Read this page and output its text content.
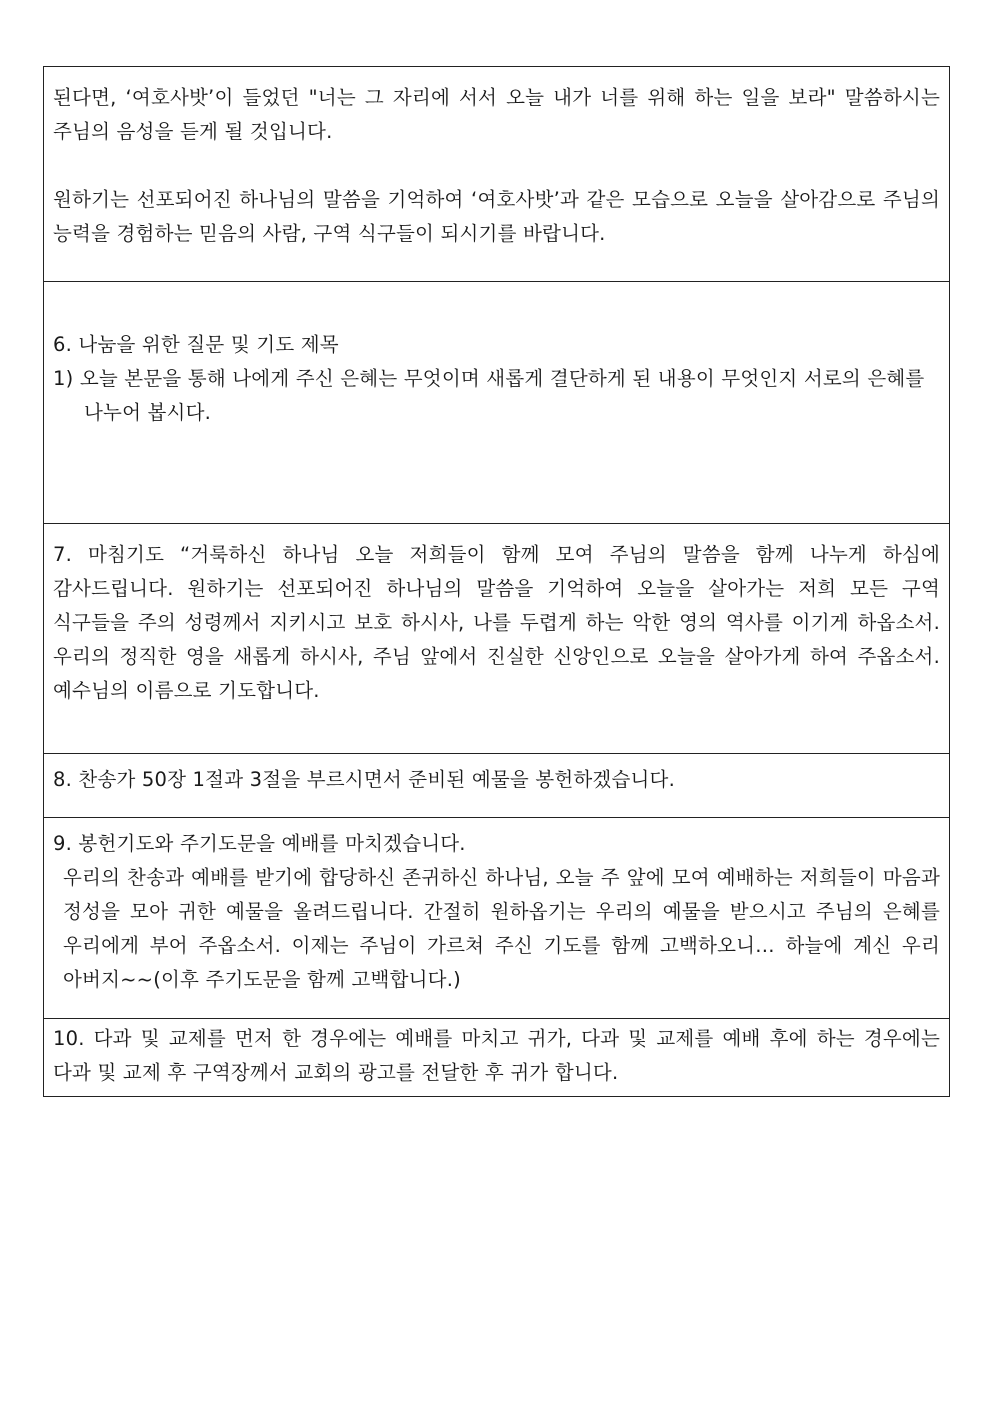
된다면, ‘여호사밧’이 들었던 "너는 그 자리에 서서 오늘 내가 너를 위해 하는 일을 보라" 말씀하시는 주님의 음성을 듣게 될 것입니다.

원하기는 선포되어진 하나님의 말씀을 기억하여 ‘여호사밧’과 같은 모습으로 오늘을 살아감으로 주님의 능력을 경험하는 믿음의 사람, 구역 식구들이 되시기를 바랍니다.

6. 나눔을 위한 질문 및 기도 제목

1) 오늘 본문을 통해 나에게 주신 은혜는 무엇이며 새롭게 결단하게 된 내용이 무엇인지 서로의 은혜를 나누어 봅시다.

7. 마침기도 “거룩하신 하나님 오늘 저희들이 함께 모여 주님의 말씀을 함께 나누게 하심에 감사드립니다. 원하기는 선포되어진 하나님의 말씀을 기억하여 오늘을 살아가는 저희 모든 구역 식구들을 주의 성령께서 지키시고 보호 하시사, 나를 두렵게 하는 악한 영의 역사를 이기게 하옵소서. 우리의 정직한 영을 새롭게 하시사, 주님 앞에서 진실한 신앙인으로 오늘을 살아가게 하여 주옵소서. 예수님의 이름으로 기도합니다.

8. 찬송가 50장 1절과 3절을 부르시면서 준비된 예물을 봉헌하겠습니다.

9. 봉헌기도와 주기도문을 예배를 마치겠습니다.

우리의 찬송과 예배를 받기에 합당하신 존귀하신 하나님, 오늘 주 앞에 모여 예배하는 저희들이 마음과 정성을 모아 귀한 예물을 올려드립니다. 간절히 원하옵기는 우리의 예물을 받으시고 주님의 은혜를 우리에게 부어 주옵소서. 이제는 주님이 가르쳐 주신 기도를 함께 고백하오니… 하늘에 계신 우리 아버지~~(이후 주기도문을 함께 고백합니다.)

10. 다과 및 교제를 먼저 한 경우에는 예배를 마치고 귀가, 다과 및 교제를 예배 후에 하는 경우에는 다과 및 교제 후 구역장께서 교회의 광고를 전달한 후 귀가 합니다.
